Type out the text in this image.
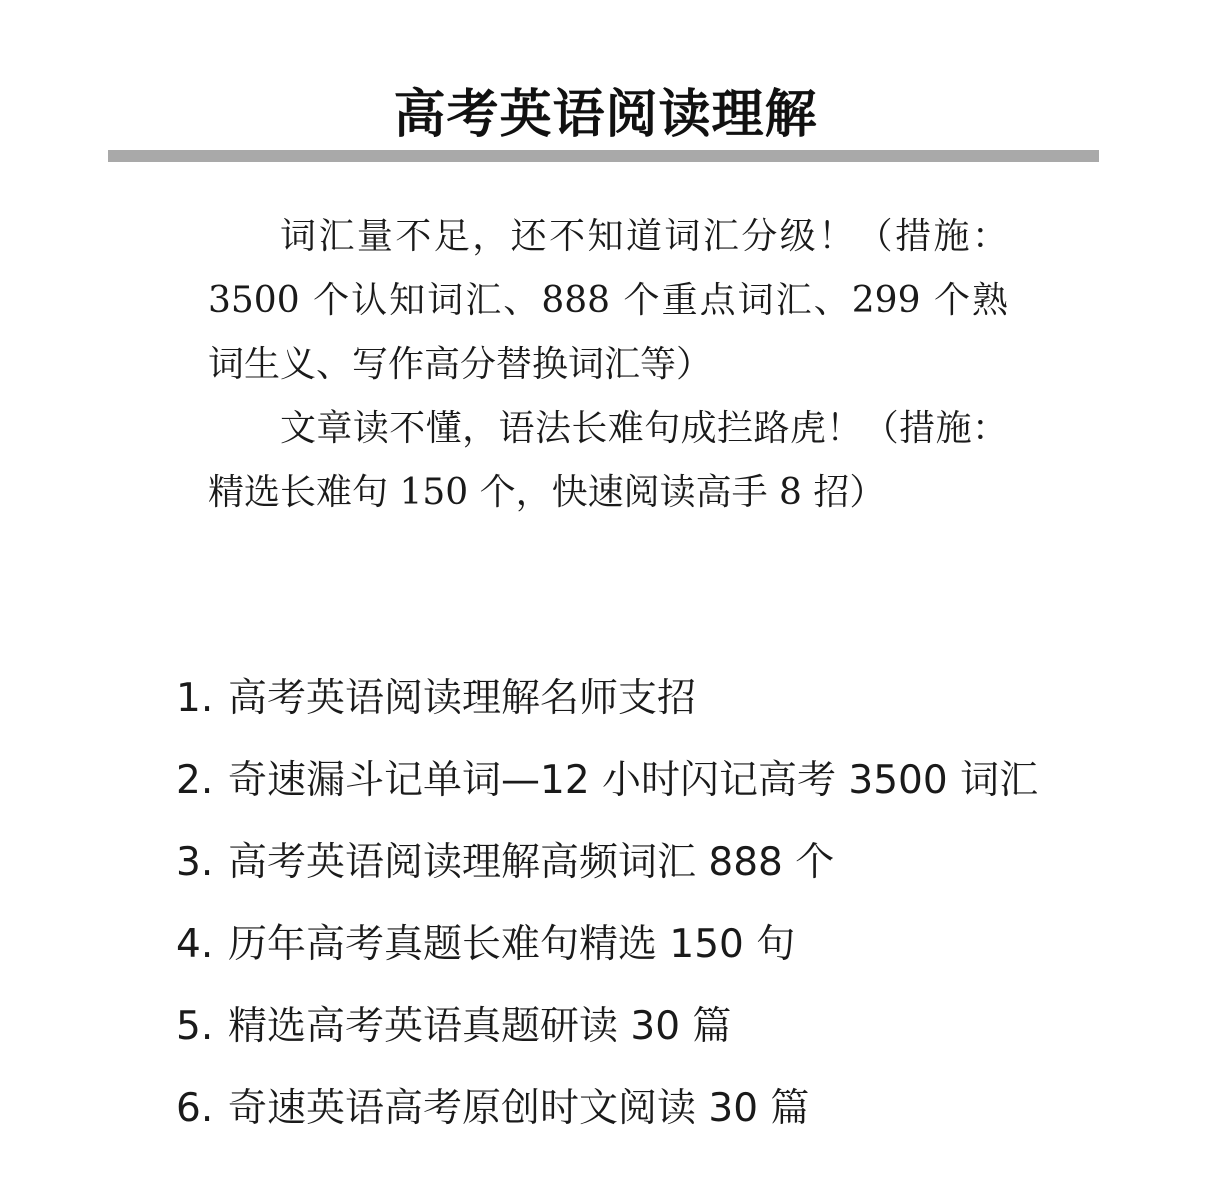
高考英语阅读理解

词汇量不足，还不知道词汇分级！（措施：3500 个认知词汇、888 个重点词汇、299 个熟词生义、写作高分替换词汇等）

文章读不懂，语法长难句成拦路虎！（措施：精选长难句 150 个，快速阅读高手 8 招）

1. 高考英语阅读理解名师支招
2. 奇速漏斗记单词—12 小时闪记高考 3500 词汇
3. 高考英语阅读理解高频词汇 888 个
4. 历年高考真题长难句精选 150 句
5. 精选高考英语真题研读 30 篇
6. 奇速英语高考原创时文阅读 30 篇
